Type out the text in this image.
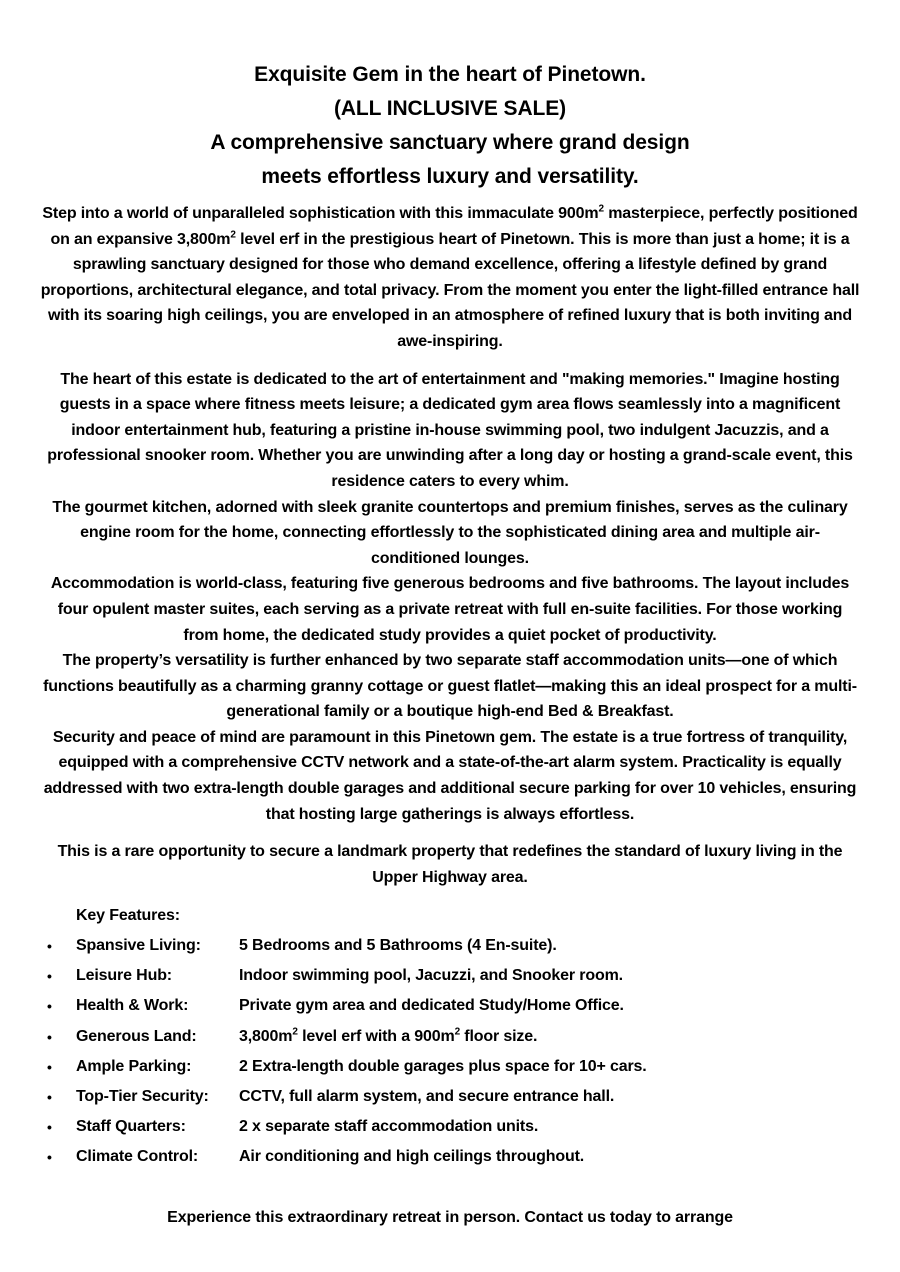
Exquisite Gem in the heart of Pinetown.
(ALL INCLUSIVE SALE)
A comprehensive sanctuary where grand design
meets effortless luxury and versatility.

Step into a world of unparalleled sophistication with this immaculate $900m^2$ masterpiece, perfectly positioned on an expansive $3,800m^2$ level erf in the prestigious heart of Pinetown. This is more than just a home; it is a sprawling sanctuary designed for those who demand excellence, offering a lifestyle defined by grand proportions, architectural elegance, and total privacy. From the moment you enter the light-filled entrance hall with its soaring high ceilings, you are enveloped in an atmosphere of refined luxury that is both inviting and awe-inspiring.

The heart of this estate is dedicated to the art of entertainment and "making memories." Imagine hosting guests in a space where fitness meets leisure; a dedicated gym area flows seamlessly into a magnificent indoor entertainment hub, featuring a pristine in-house swimming pool, two indulgent Jacuzzis, and a professional snooker room. Whether you are unwinding after a long day or hosting a grand-scale event, this residence caters to every whim.

The gourmet kitchen, adorned with sleek granite countertops and premium finishes, serves as the culinary engine room for the home, connecting effortlessly to the sophisticated dining area and multiple air-conditioned lounges.

Accommodation is world-class, featuring five generous bedrooms and five bathrooms. The layout includes four opulent master suites, each serving as a private retreat with full en-suite facilities. For those working from home, the dedicated study provides a quiet pocket of productivity.

The property’s versatility is further enhanced by two separate staff accommodation units—one of which functions beautifully as a charming granny cottage or guest flatlet—making this an ideal prospect for a multi-generational family or a boutique high-end Bed & Breakfast.

Security and peace of mind are paramount in this Pinetown gem. The estate is a true fortress of tranquility, equipped with a comprehensive CCTV network and a state-of-the-art alarm system. Practicality is equally addressed with two extra-length double garages and additional secure parking for over 10 vehicles, ensuring that hosting large gatherings is always effortless.

This is a rare opportunity to secure a landmark property that redefines the standard of luxury living in the Upper Highway area.

Key Features:
• Spansive Living: 5 Bedrooms and 5 Bathrooms (4 En-suite).
• Leisure Hub:	Indoor swimming pool, Jacuzzi, and Snooker room.
• Health & Work:	Private gym area and dedicated Study/Home Office.
• Generous Land:	$3,800m^2$ level erf with a $900m^2$ floor size.
• Ample Parking:	2 Extra-length double garages plus space for 10+ cars.
• Top-Tier Security: CCTV, full alarm system, and secure entrance hall.
• Staff Quarters:	2 x separate staff accommodation units.
• Climate Control:	Air conditioning and high ceilings throughout.
Experience this extraordinary retreat in person. Contact us today to arrange
